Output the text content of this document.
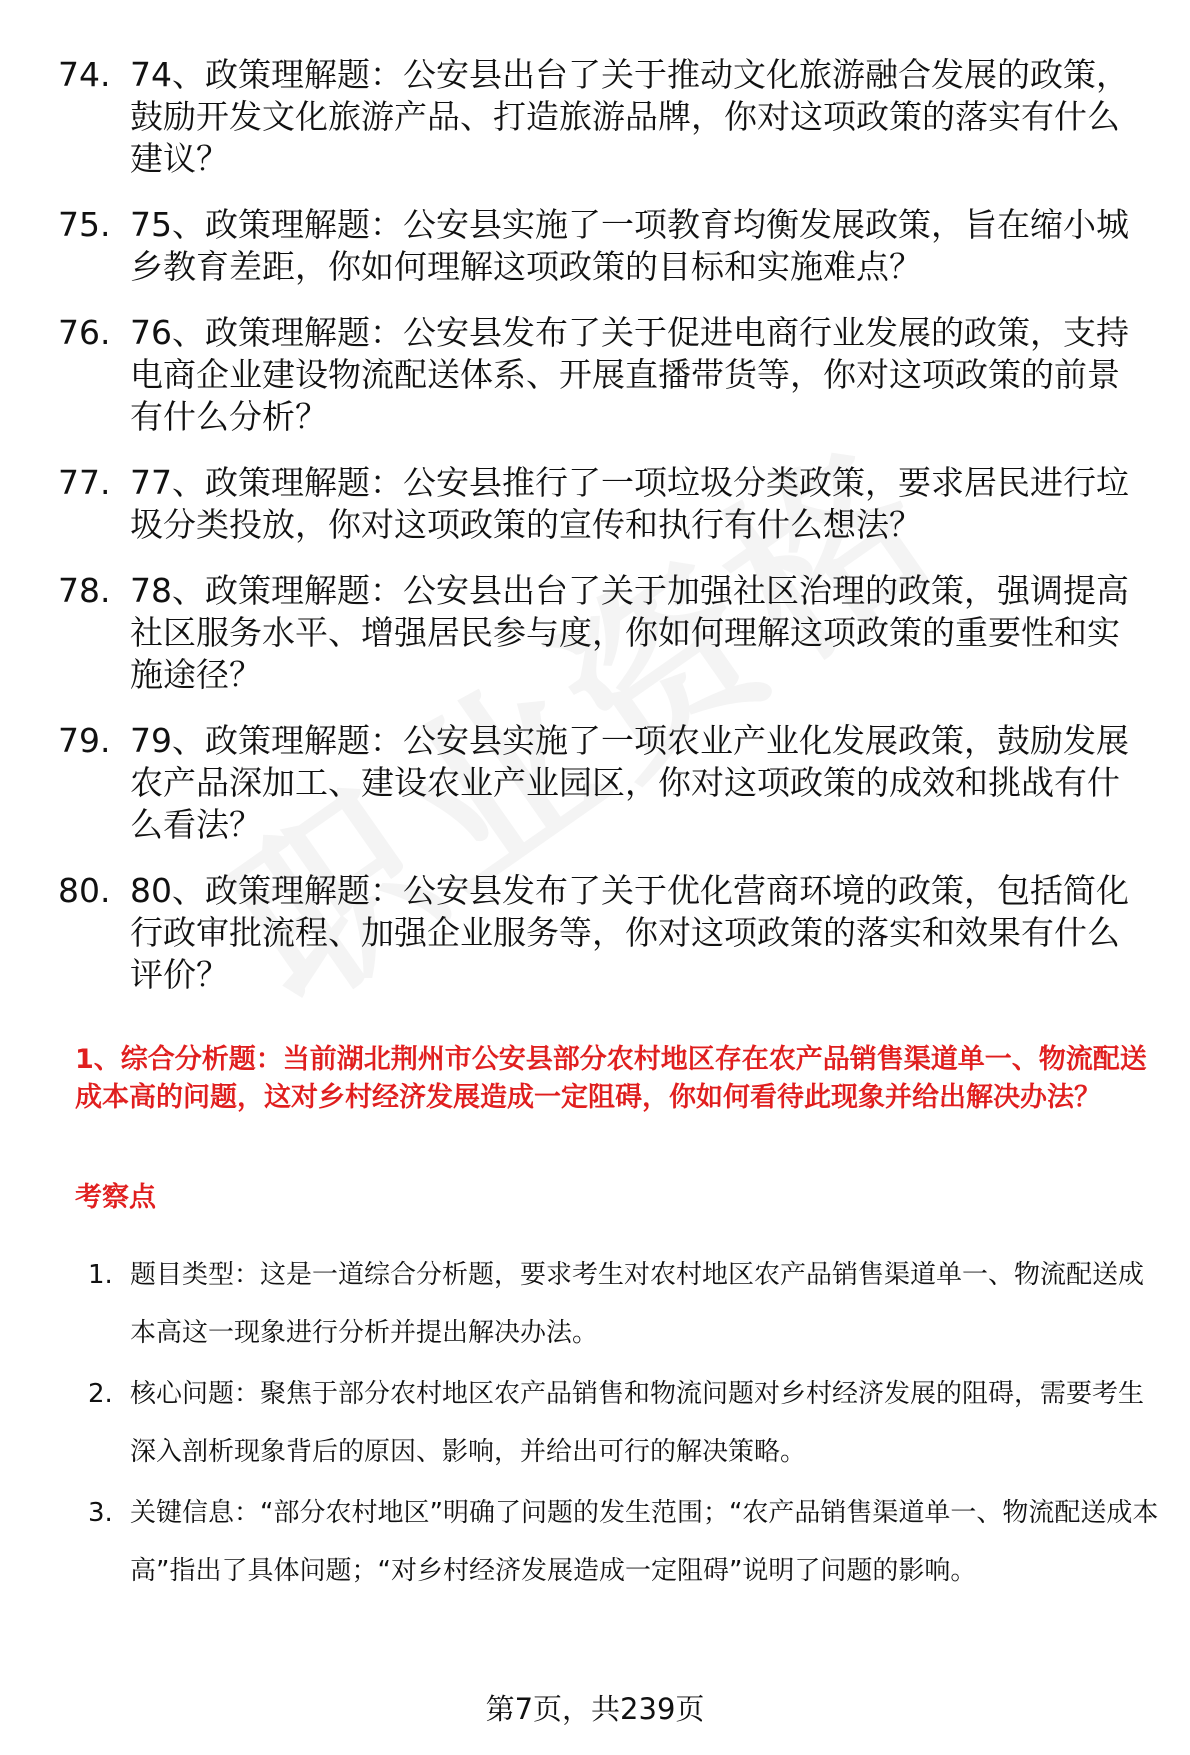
74. 74、政策理解题：公安县出台了关于推动文化旅游融合发展的政策，鼓励开发文化旅游产品、打造旅游品牌，你对这项政策的落实有什么建议？
75. 75、政策理解题：公安县实施了一项教育均衡发展政策，旨在缩小城乡教育差距，你如何理解这项政策的目标和实施难点？
76. 76、政策理解题：公安县发布了关于促进电商行业发展的政策，支持电商企业建设物流配送体系、开展直播带货等，你对这项政策的前景有什么分析？
77. 77、政策理解题：公安县推行了一项垃圾分类政策，要求居民进行垃圾分类投放，你对这项政策的宣传和执行有什么想法？
78. 78、政策理解题：公安县出台了关于加强社区治理的政策，强调提高社区服务水平、增强居民参与度，你如何理解这项政策的重要性和实施途径？
79. 79、政策理解题：公安县实施了一项农业产业化发展政策，鼓励发展农产品深加工、建设农业产业园区，你对这项政策的成效和挑战有什么看法？
80. 80、政策理解题：公安县发布了关于优化营商环境的政策，包括简化行政审批流程、加强企业服务等，你对这项政策的落实和效果有什么评价？
1、综合分析题：当前湖北荆州市公安县部分农村地区存在农产品销售渠道单一、物流配送成本高的问题，这对乡村经济发展造成一定阻碍，你如何看待此现象并给出解决办法？
考察点
1. 题目类型：这是一道综合分析题，要求考生对农村地区农产品销售渠道单一、物流配送成本高这一现象进行分析并提出解决办法。
2. 核心问题：聚焦于部分农村地区农产品销售和物流问题对乡村经济发展的阻碍，需要考生深入剖析现象背后的原因、影响，并给出可行的解决策略。
3. 关键信息：“部分农村地区”明确了问题的发生范围；“农产品销售渠道单一、物流配送成本高”指出了具体问题；“对乡村经济发展造成一定阻碍”说明了问题的影响。
第7页，共239页
